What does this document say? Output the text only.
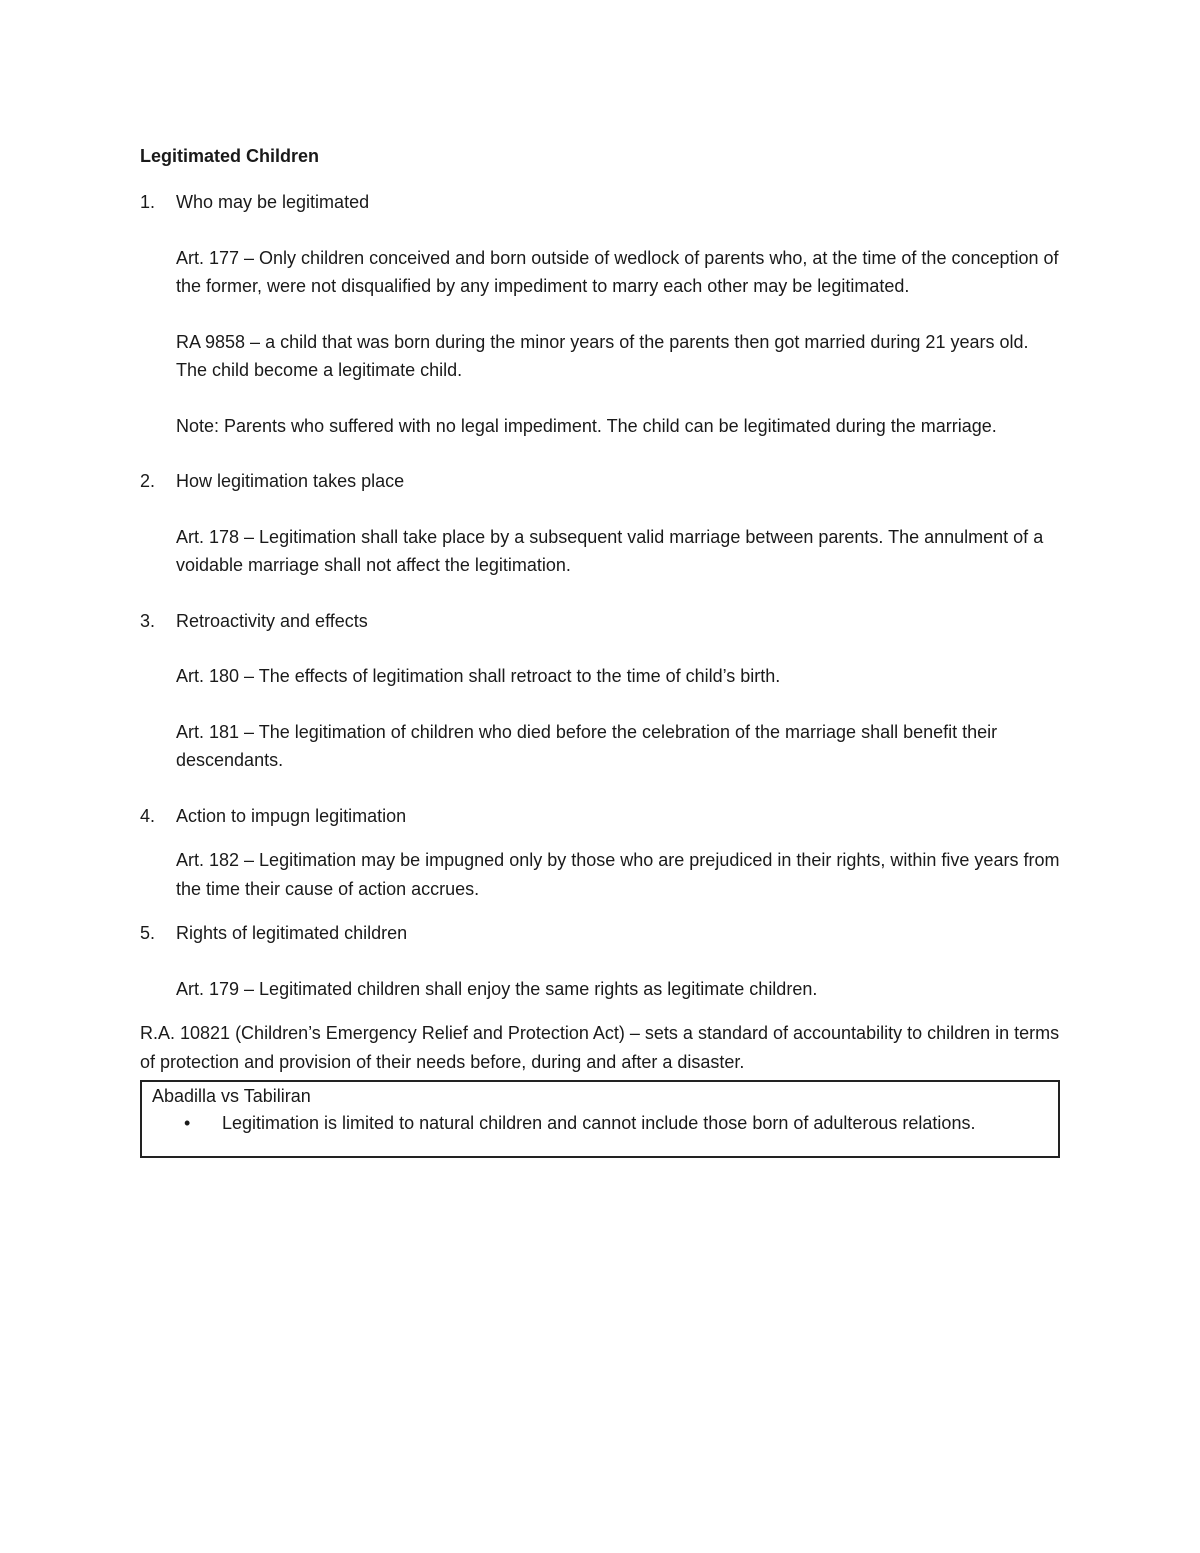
Legitimated Children
1.	Who may be legitimated

Art. 177 – Only children conceived and born outside of wedlock of parents who, at the time of the conception of the former, were not disqualified by any impediment to marry each other may be legitimated.

RA 9858 – a child that was born during the minor years of the parents then got married during 21 years old. The child become a legitimate child.

Note: Parents who suffered with no legal impediment. The child can be legitimated during the marriage.

2.	How legitimation takes place

Art. 178 – Legitimation shall take place by a subsequent valid marriage between parents. The annulment of a voidable marriage shall not affect the legitimation.

3.	Retroactivity and effects

Art. 180 – The effects of legitimation shall retroact to the time of child’s birth.

Art. 181 – The legitimation of children who died before the celebration of the marriage shall benefit their descendants.

4.	Action to impugn legitimation

Art. 182 – Legitimation may be impugned only by those who are prejudiced in their rights, within five years from the time their cause of action accrues.

5.	Rights of legitimated children

Art. 179 – Legitimated children shall enjoy the same rights as legitimate children.

R.A. 10821 (Children’s Emergency Relief and Protection Act) – sets a standard of accountability to children in terms of protection and provision of their needs before, during and after a disaster.

Abadilla vs Tabiliran

•	Legitimation is limited to natural children and cannot include those born of adulterous relations.
